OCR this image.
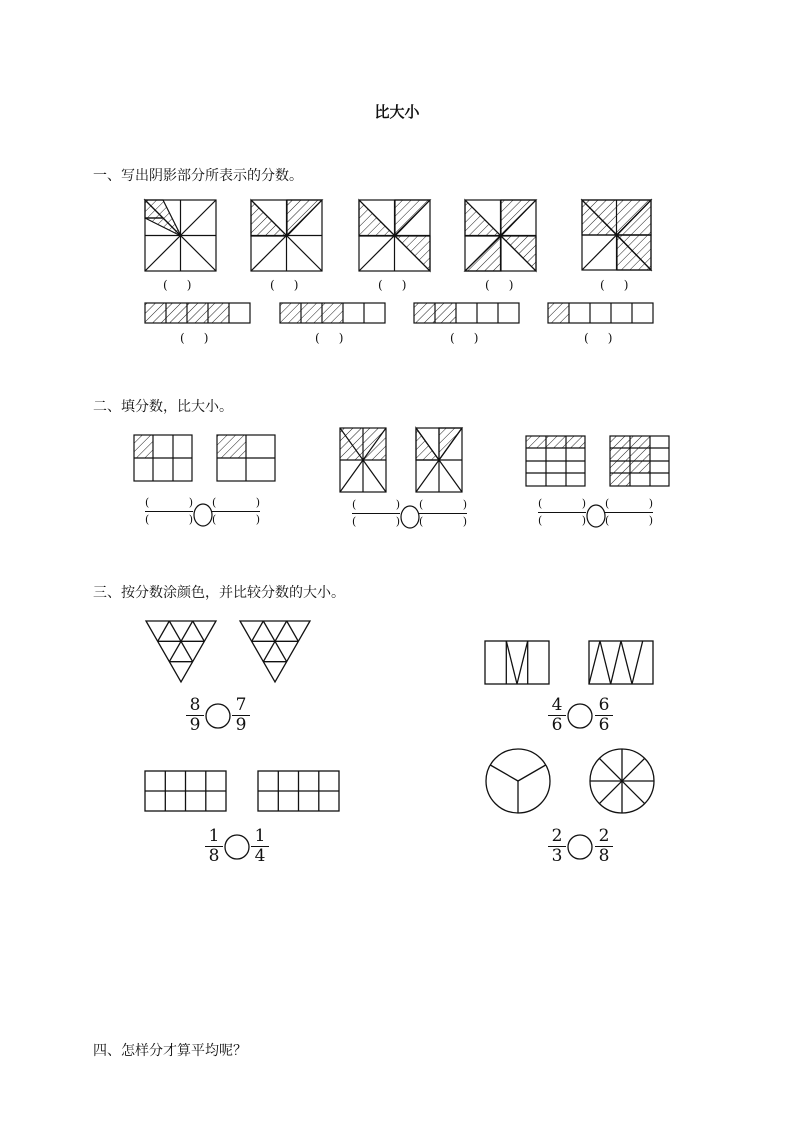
比大小
一、写出阴影部分所表示的分数。
二、填分数，比大小。
三、按分数涂颜色，并比较分数的大小。
四、怎样分才算平均呢？
(     )	(     )	(     )	(     )	(     )
(     )	(     )	(     )	(     )
(	)
(	)
(	)
(	)
(	)
(	)
(	)
(	)
(	)
(	)
(	)
(	)
8
9
7
9
4
6
6
6
1
8
1
4
2
3
2
8
